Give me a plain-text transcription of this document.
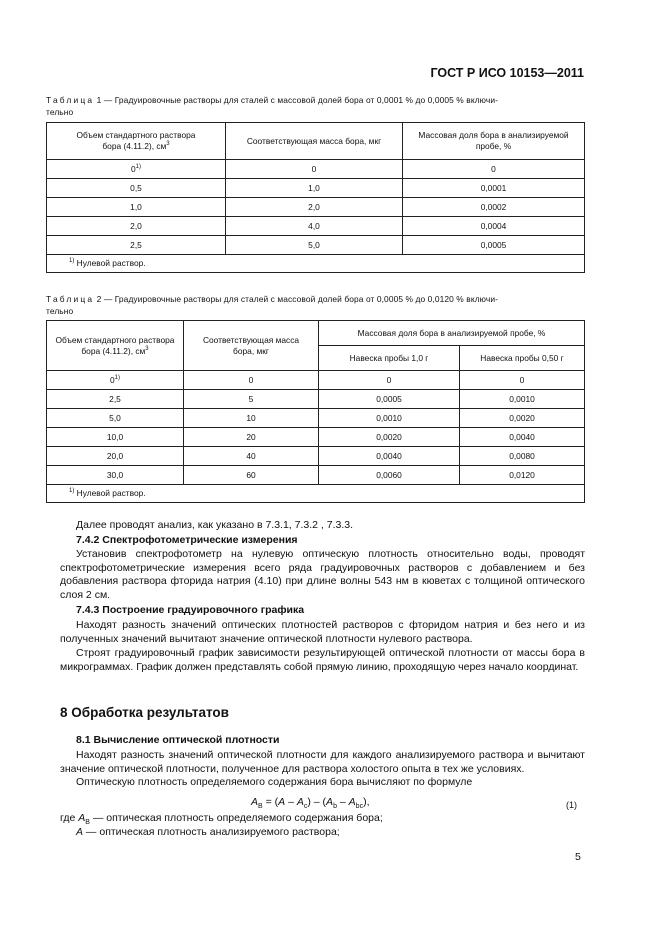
ГОСТ Р ИСО 10153—2011
Таблица 1 — Градуировочные растворы для сталей с массовой долей бора от 0,0001 % до 0,0005 % включи-
тельно
Объем стандартного раствора
бора (4.11.2), $см^3$	Соответствующая масса бора, мкг	Массовая доля бора в анализируемой
пробе, %
0$^{1)}$	0	0
0,5	1,0	0,0001
1,0	2,0	0,0002
2,0	4,0	0,0004
2,5	5,0	0,0005
$^{1)}$ Нулевой раствор.		
Таблица 2 — Градуировочные растворы для сталей с массовой долей бора от 0,0005 % до 0,0120 % включи-
тельно
Объем стандартного раствора
бора (4.11.2), $см^3$	Соответствующая масса
бора, мкг	Массовая доля бора в анализируемой пробе, %	
		Навеска пробы 1,0 г	Навеска пробы 0,50 г
0$^{1)}$	0	0	0
2,5	5	0,0005	0,0010
5,0	10	0,0010	0,0020
10,0	20	0,0020	0,0040
20,0	40	0,0040	0,0080
30,0	60	0,0060	0,0120
$^{1)}$ Нулевой раствор.			
Далее проводят анализ, как указано в 7.3.1, 7.3.2 , 7.3.3.
7.4.2 Спектрофотометрические измерения

Установив спектрофотометр на нулевую оптическую плотность относительно воды, проводят спектрофотометрические измерения всего ряда градуировочных растворов с добавлением и без добавления раствора фторида натрия (4.10) при длине волны 543 нм в кюветах с толщиной оптического слоя 2 см.

7.4.3 Построение градуировочного графика

Находят разность значений оптических плотностей растворов с фторидом натрия и без него и из полученных значений вычитают значение оптической плотности нулевого раствора.

Строят градуировочный график зависимости результирующей оптической плотности от массы бора в микрограммах. График должен представлять собой прямую линию, проходящую через начало координат.

8 Обработка результатов
8.1 Вычисление оптической плотности

Находят разность значений оптической плотности для каждого анализируемого раствора и вычитают значение оптической плотности, полученное для раствора холостого опыта в тех же условиях.

Оптическую плотность определяемого содержания бора вычисляют по формуле

$A_B = (A - A_c) - (A_b - A_{bc})$,	(1)
где $A_B$ — оптическая плотность определяемого содержания бора;
A — оптическая плотность анализируемого раствора;
5
